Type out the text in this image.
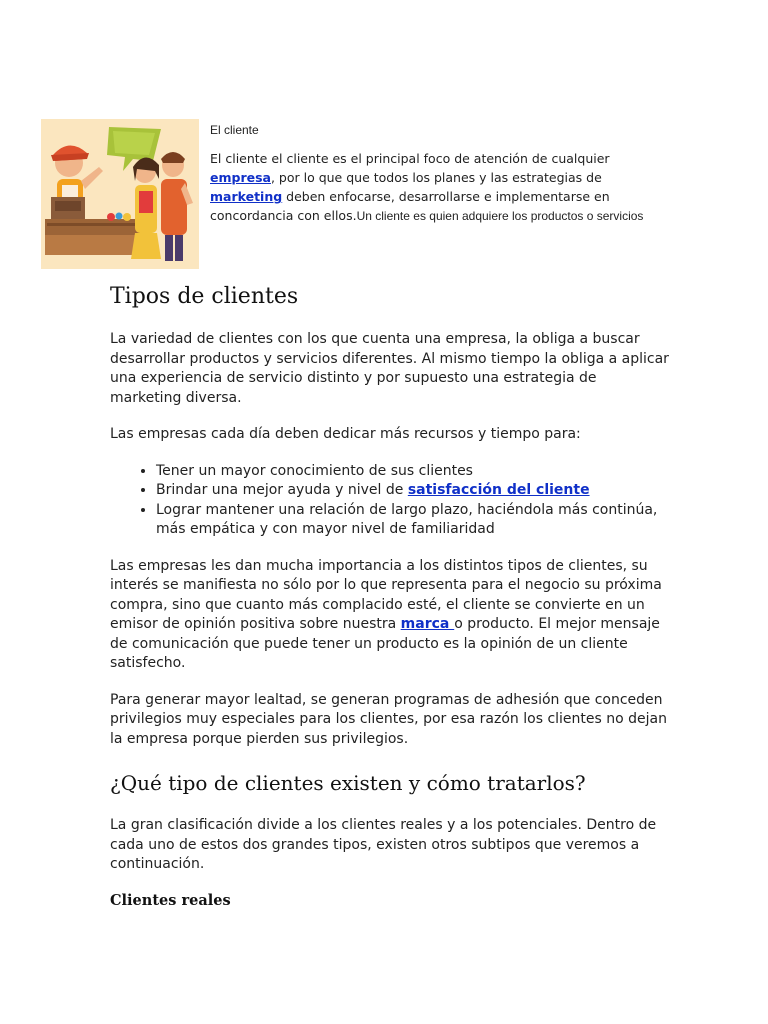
El cliente
El cliente el cliente es el principal foco de atención de cualquier empresa, por lo que que todos los planes y las estrategias de marketing deben enfocarse, desarrollarse e implementarse en concordancia con ellos.Un cliente es quien adquiere los productos o servicios
Tipos de clientes

La variedad de clientes con los que cuenta una empresa, la obliga a buscar desarrollar productos y servicios diferentes. Al mismo tiempo la obliga a aplicar una experiencia de servicio distinto y por supuesto una estrategia de marketing diversa.

Las empresas cada día deben dedicar más recursos y tiempo para:

• Tener un mayor conocimiento de sus clientes
• Brindar una mejor ayuda y nivel de satisfacción del cliente
• Lograr mantener una relación de largo plazo, haciéndola más continúa, más empática y con mayor nivel de familiaridad

Las empresas les dan mucha importancia a los distintos tipos de clientes, su interés se manifiesta no sólo por lo que representa para el negocio su próxima compra, sino que cuanto más complacido esté, el cliente se convierte en un emisor de opinión positiva sobre nuestra marca o producto. El mejor mensaje de comunicación que puede tener un producto es la opinión de un cliente satisfecho.

Para generar mayor lealtad, se generan programas de adhesión que conceden privilegios muy especiales para los clientes, por esa razón los clientes no dejan la empresa porque pierden sus privilegios.

¿Qué tipo de clientes existen y cómo tratarlos?

La gran clasificación divide a los clientes reales y a los potenciales. Dentro de cada uno de estos dos grandes tipos, existen otros subtipos que veremos a continuación.

Clientes reales
